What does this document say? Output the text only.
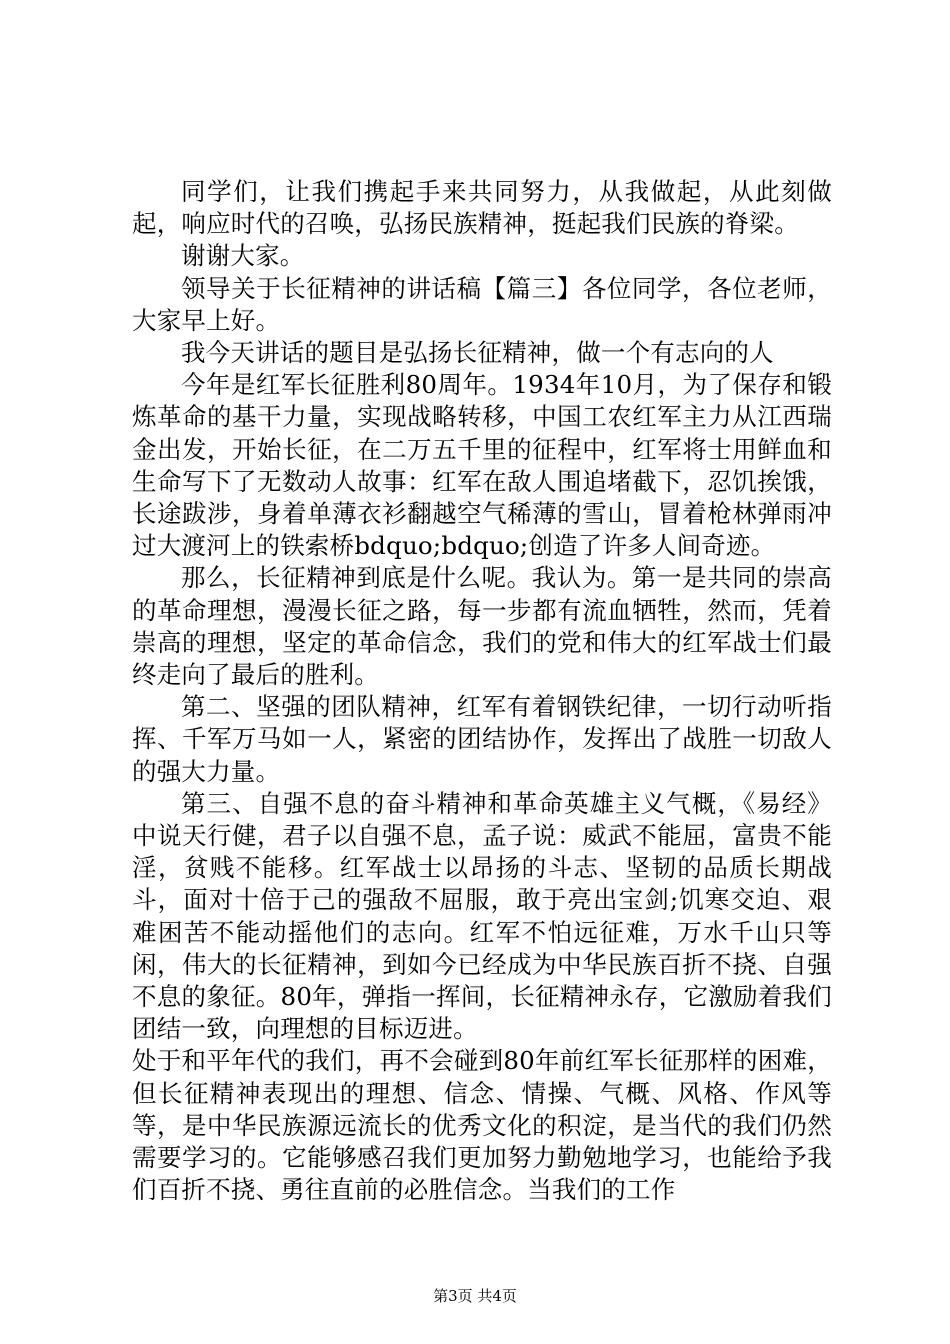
同学们，让我们携起手来共同努力，从我做起，从此刻做起，响应时代的召唤，弘扬民族精神，挺起我们民族的脊梁。

谢谢大家。

领导关于长征精神的讲话稿【篇三】各位同学，各位老师，大家早上好。

我今天讲话的题目是弘扬长征精神，做一个有志向的人

今年是红军长征胜利80周年。1934年10月，为了保存和锻炼革命的基干力量，实现战略转移，中国工农红军主力从江西瑞金出发，开始长征，在二万五千里的征程中，红军将士用鲜血和生命写下了无数动人故事：红军在敌人围追堵截下，忍饥挨饿，长途跋涉，身着单薄衣衫翻越空气稀薄的雪山，冒着枪林弹雨冲过大渡河上的铁索桥bdquo;bdquo;创造了许多人间奇迹。

那么，长征精神到底是什么呢。我认为。第一是共同的崇高的革命理想，漫漫长征之路，每一步都有流血牺牲，然而，凭着崇高的理想，坚定的革命信念，我们的党和伟大的红军战士们最终走向了最后的胜利。

第二、坚强的团队精神，红军有着钢铁纪律，一切行动听指挥、千军万马如一人，紧密的团结协作，发挥出了战胜一切敌人的强大力量。

第三、自强不息的奋斗精神和革命英雄主义气概，《易经》中说天行健，君子以自强不息，孟子说：威武不能屈，富贵不能淫，贫贱不能移。红军战士以昂扬的斗志、坚韧的品质长期战斗，面对十倍于己的强敌不屈服，敢于亮出宝剑;饥寒交迫、艰难困苦不能动摇他们的志向。红军不怕远征难，万水千山只等闲，伟大的长征精神，到如今已经成为中华民族百折不挠、自强不息的象征。80年，弹指一挥间，长征精神永存，它激励着我们团结一致，向理想的目标迈进。

处于和平年代的我们，再不会碰到80年前红军长征那样的困难，但长征精神表现出的理想、信念、情操、气概、风格、作风等等，是中华民族源远流长的优秀文化的积淀，是当代的我们仍然需要学习的。它能够感召我们更加努力勤勉地学习，也能给予我们百折不挠、勇往直前的必胜信念。当我们的工作

第3页 共4页
